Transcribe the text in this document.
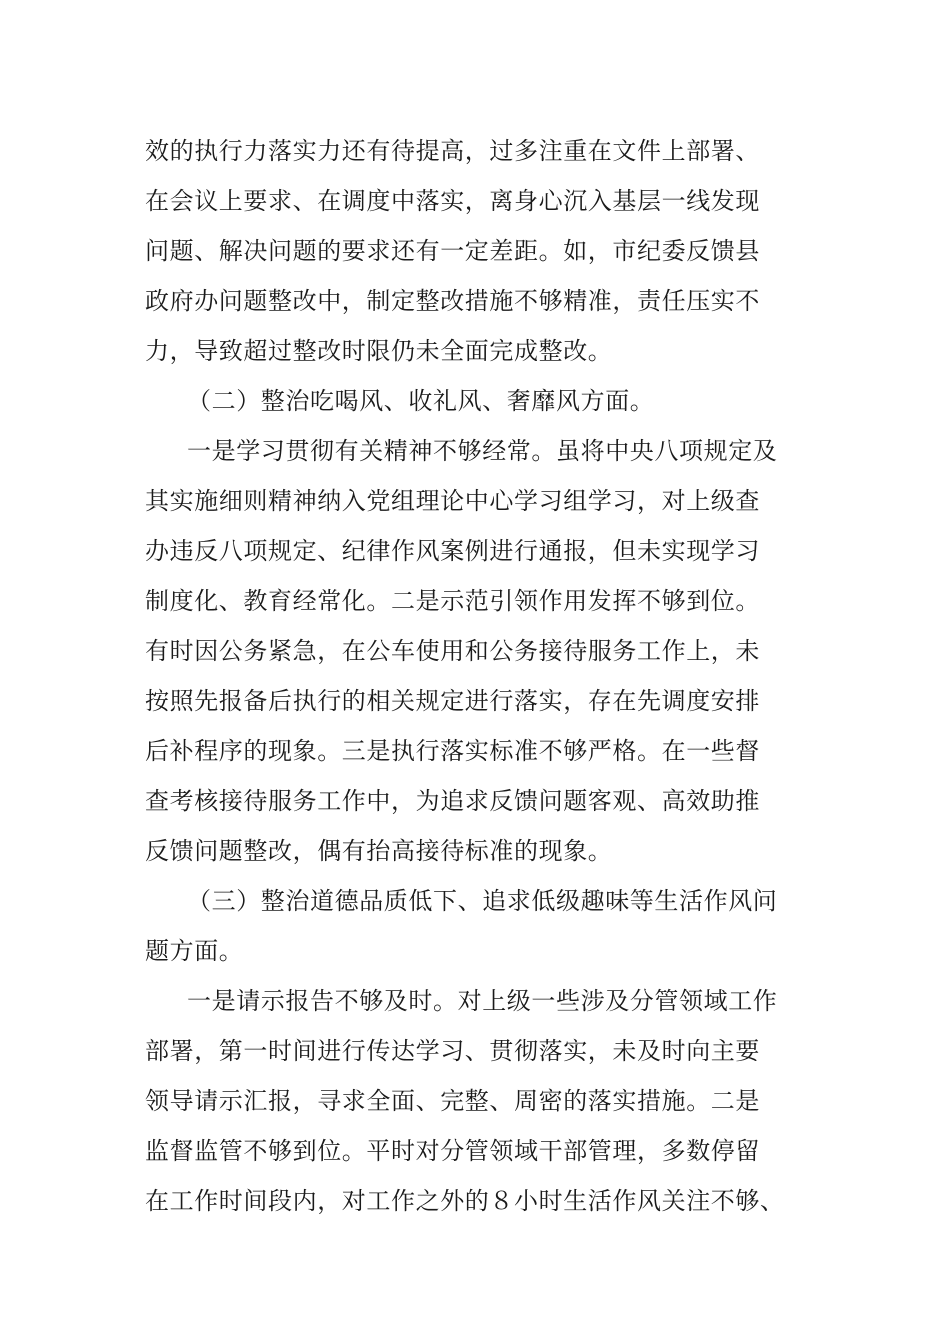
效的执行力落实力还有待提高，过多注重在文件上部署、
在会议上要求、在调度中落实，离身心沉入基层一线发现
问题、解决问题的要求还有一定差距。如，市纪委反馈县
政府办问题整改中，制定整改措施不够精准，责任压实不
力，导致超过整改时限仍未全面完成整改。
（二）整治吃喝风、收礼风、奢靡风方面。
一是学习贯彻有关精神不够经常。虽将中央八项规定及
其实施细则精神纳入党组理论中心学习组学习，对上级查
办违反八项规定、纪律作风案例进行通报，但未实现学习
制度化、教育经常化。二是示范引领作用发挥不够到位。
有时因公务紧急，在公车使用和公务接待服务工作上，未
按照先报备后执行的相关规定进行落实，存在先调度安排
后补程序的现象。三是执行落实标准不够严格。在一些督
查考核接待服务工作中，为追求反馈问题客观、高效助推
反馈问题整改，偶有抬高接待标准的现象。
（三）整治道德品质低下、追求低级趣味等生活作风问
题方面。
一是请示报告不够及时。对上级一些涉及分管领域工作
部署，第一时间进行传达学习、贯彻落实，未及时向主要
领导请示汇报，寻求全面、完整、周密的落实措施。二是
监督监管不够到位。平时对分管领域干部管理，多数停留
在工作时间段内，对工作之外的８小时生活作风关注不够、
